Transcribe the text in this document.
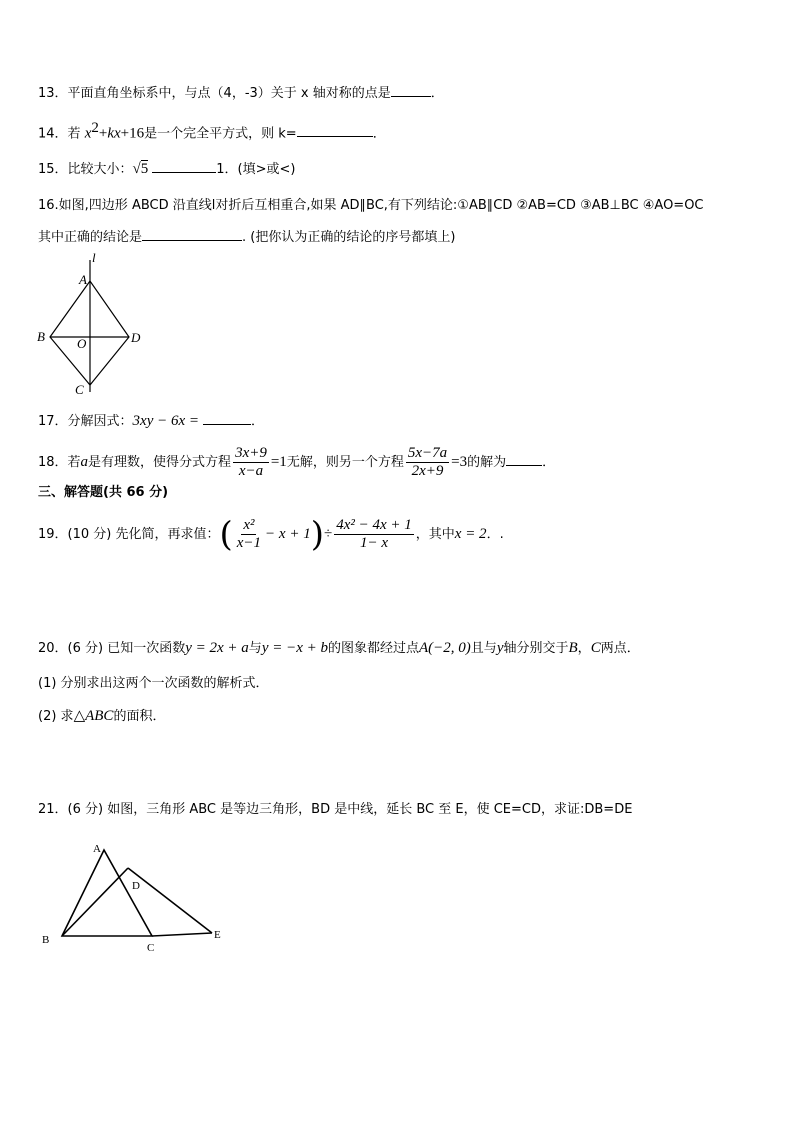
13．平面直角坐标系中，与点（4，-3）关于 x 轴对称的点是	．
14．若 $x^2+kx+16$是一个完全平方式，则 k=	．
15．比较大小：√5	1．(填>或<)
16.如图,四边形 ABCD 沿直线l对折后互相重合,如果 AD∥BC,有下列结论:①AB∥CD ②AB=CD ③AB⊥BC ④AO=OC
其中正确的结论是	. (把你认为正确的结论的序号都填上)
l
A
B	D
O
C
17．分解因式：3xy − 6x =	．
18．若a是有理数，使得分式方程 $\frac{3x+9}{x-a} =1$无解，则另一个方程 $\frac{5x-7a}{2x+9} =3$的解为	．
三、解答题(共 66 分)
19．(10 分) 先化简，再求值：( $\frac{\text{x²}}{x-1} - x + 1)\div \frac{\text{4x² − 4x + 1}}{1- x}$ ，其中x = 2．.
20．(6 分) 已知一次函数y = 2x + a与y = −x + b的图象都经过点A(−2, 0)且与y轴分别交于B，C两点．
(1) 分别求出这两个一次函数的解析式．
(2) 求△ABC的面积．
21．(6 分) 如图，三角形 ABC 是等边三角形，BD 是中线，延长 BC 至 E，使 CE=CD，求证:DB=DE
A
B
C
D
E
